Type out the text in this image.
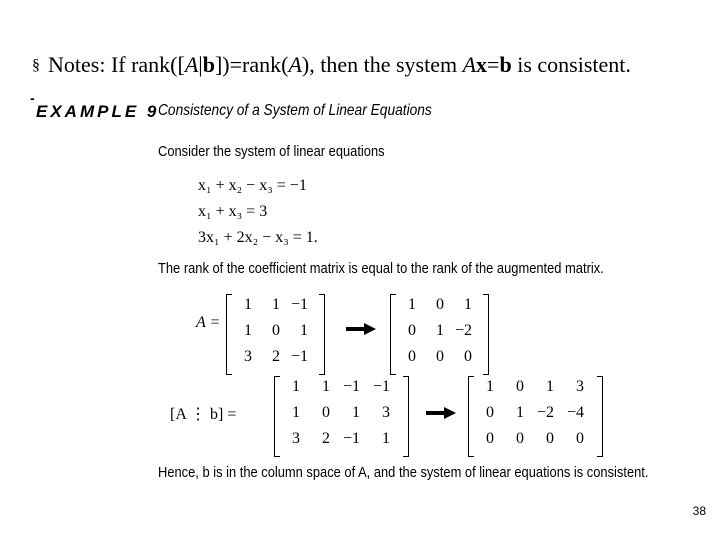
§ Notes: If rank([A|b])=rank(A), then the system Ax=b is consistent.
-
EXAMPLE 9
Consistency of a System of Linear Equations
Consider the system of linear equations
x₁ + x₂ − x₃ = −1
x₁ + x₃ = 3
3x₁ + 2x₂ − x₃ = 1.
The rank of the coefficient matrix is equal to the rank of the augmented matrix.
A =
[A ⋮ b] =
1	1 −1
1	0	1
3	2 −1
1	0	1
0	1 −2
0	0	0
1	1 −1 −1
1	0	1	3
3	2 −1	1
1	0	1	3
0	1 −2 −4
0	0	0	0
Hence, b is in the column space of A, and the system of linear equations is consistent.
38
